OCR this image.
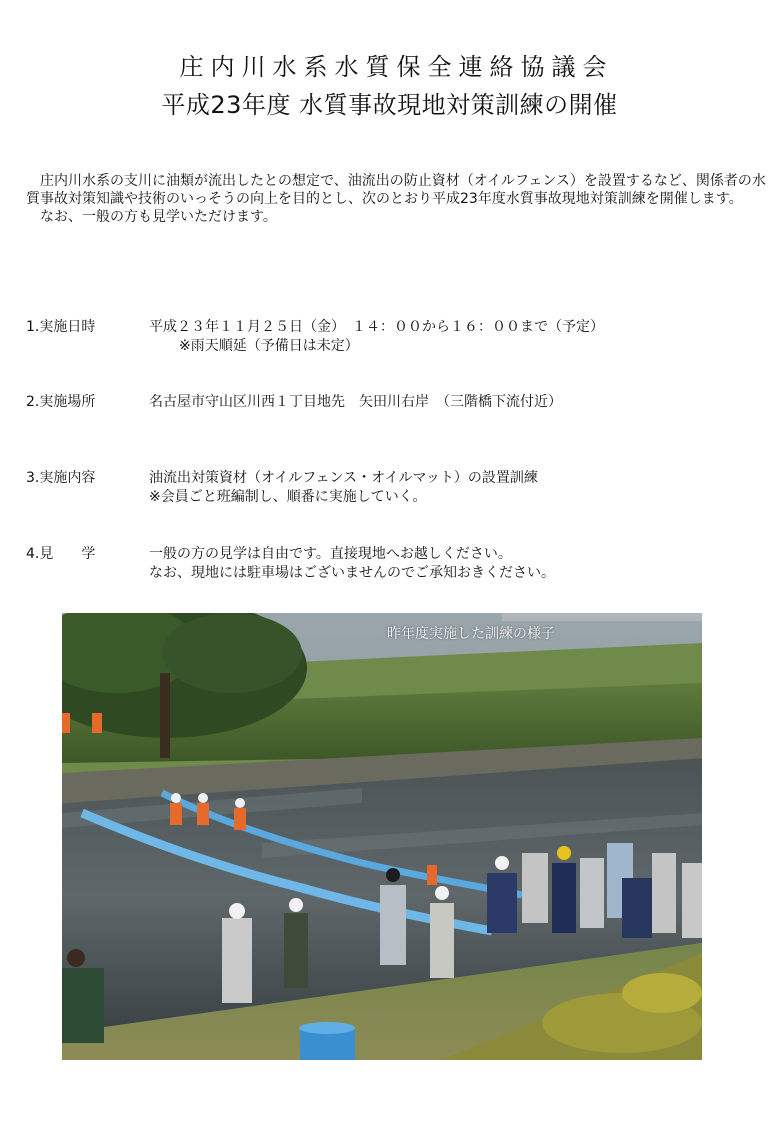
庄内川水系水質保全連絡協議会
平成23年度 水質事故現地対策訓練の開催

庄内川水系の支川に油類が流出したとの想定で、油流出の防止資材（オイルフェンス）を設置するなど、関係者の水質事故対策知識や技術のいっそうの向上を目的とし、次のとおり平成23年度水質事故現地対策訓練を開催します。

なお、一般の方も見学いただけます。

1.実施日時	平成２３年１１月２５日（金）　１４：００から１６：００まで（予定）
※雨天順延（予備日は未定）
2.実施場所	名古屋市守山区川西１丁目地先　矢田川右岸　（三階橋下流付近）
3.実施内容	油流出対策資材（オイルフェンス・オイルマット）の設置訓練
※会員ごと班編制し、順番に実施していく。
4.見　　学	一般の方の見学は自由です。直接現地へお越しください。
なお、現地には駐車場はございませんのでご承知おきください。
昨年度実施した訓練の様子
